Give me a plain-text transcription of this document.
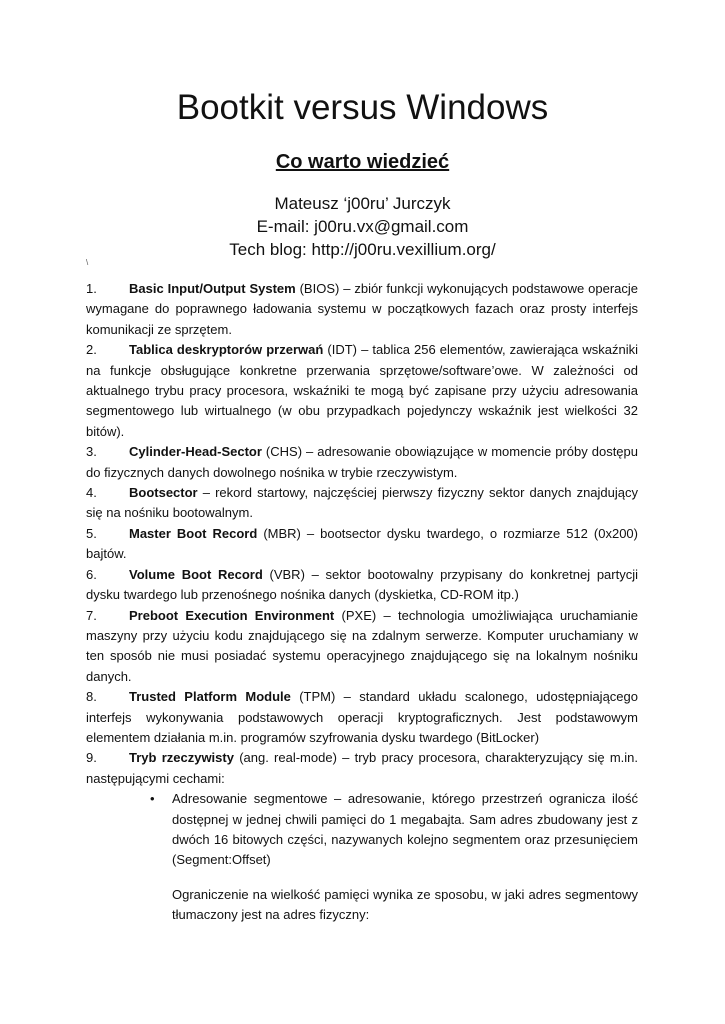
Bootkit versus Windows
Co warto wiedzieć
Mateusz ‘j00ru’ Jurczyk
E-mail: j00ru.vx@gmail.com
Tech blog: http://j00ru.vexillium.org/
\
1. Basic Input/Output System (BIOS) – zbiór funkcji wykonujących podstawowe operacje wymagane do poprawnego ładowania systemu w początkowych fazach oraz prosty interfejs komunikacji ze sprzętem.
2. Tablica deskryptorów przerwań (IDT) – tablica 256 elementów, zawierająca wskaźniki na funkcje obsługujące konkretne przerwania sprzętowe/software’owe. W zależności od aktualnego trybu pracy procesora, wskaźniki te mogą być zapisane przy użyciu adresowania segmentowego lub wirtualnego (w obu przypadkach pojedynczy wskaźnik jest wielkości 32 bitów).
3. Cylinder-Head-Sector (CHS) – adresowanie obowiązujące w momencie próby dostępu do fizycznych danych dowolnego nośnika w trybie rzeczywistym.
4. Bootsector – rekord startowy, najczęściej pierwszy fizyczny sektor danych znajdujący się na nośniku bootowalnym.
5. Master Boot Record (MBR) – bootsector dysku twardego, o rozmiarze 512 (0x200) bajtów.
6. Volume Boot Record (VBR) – sektor bootowalny przypisany do konkretnej partycji dysku twardego lub przenośnego nośnika danych (dyskietka, CD-ROM itp.)
7. Preboot Execution Environment (PXE) – technologia umożliwiająca uruchamianie maszyny przy użyciu kodu znajdującego się na zdalnym serwerze. Komputer uruchamiany w ten sposób nie musi posiadać systemu operacyjnego znajdującego się na lokalnym nośniku danych.
8. Trusted Platform Module (TPM) – standard układu scalonego, udostępniającego interfejs wykonywania podstawowych operacji kryptograficznych. Jest podstawowym elementem działania m.in. programów szyfrowania dysku twardego (BitLocker)
9. Tryb rzeczywisty (ang. real-mode) – tryb pracy procesora, charakteryzujący się m.in. następującymi cechami:
• Adresowanie segmentowe – adresowanie, którego przestrzeń ogranicza ilość dostępnej w jednej chwili pamięci do 1 megabajta. Sam adres zbudowany jest z dwóch 16 bitowych części, nazywanych kolejno segmentem oraz przesunięciem (Segment:Offset)
Ograniczenie na wielkość pamięci wynika ze sposobu, w jaki adres segmentowy tłumaczony jest na adres fizyczny:
